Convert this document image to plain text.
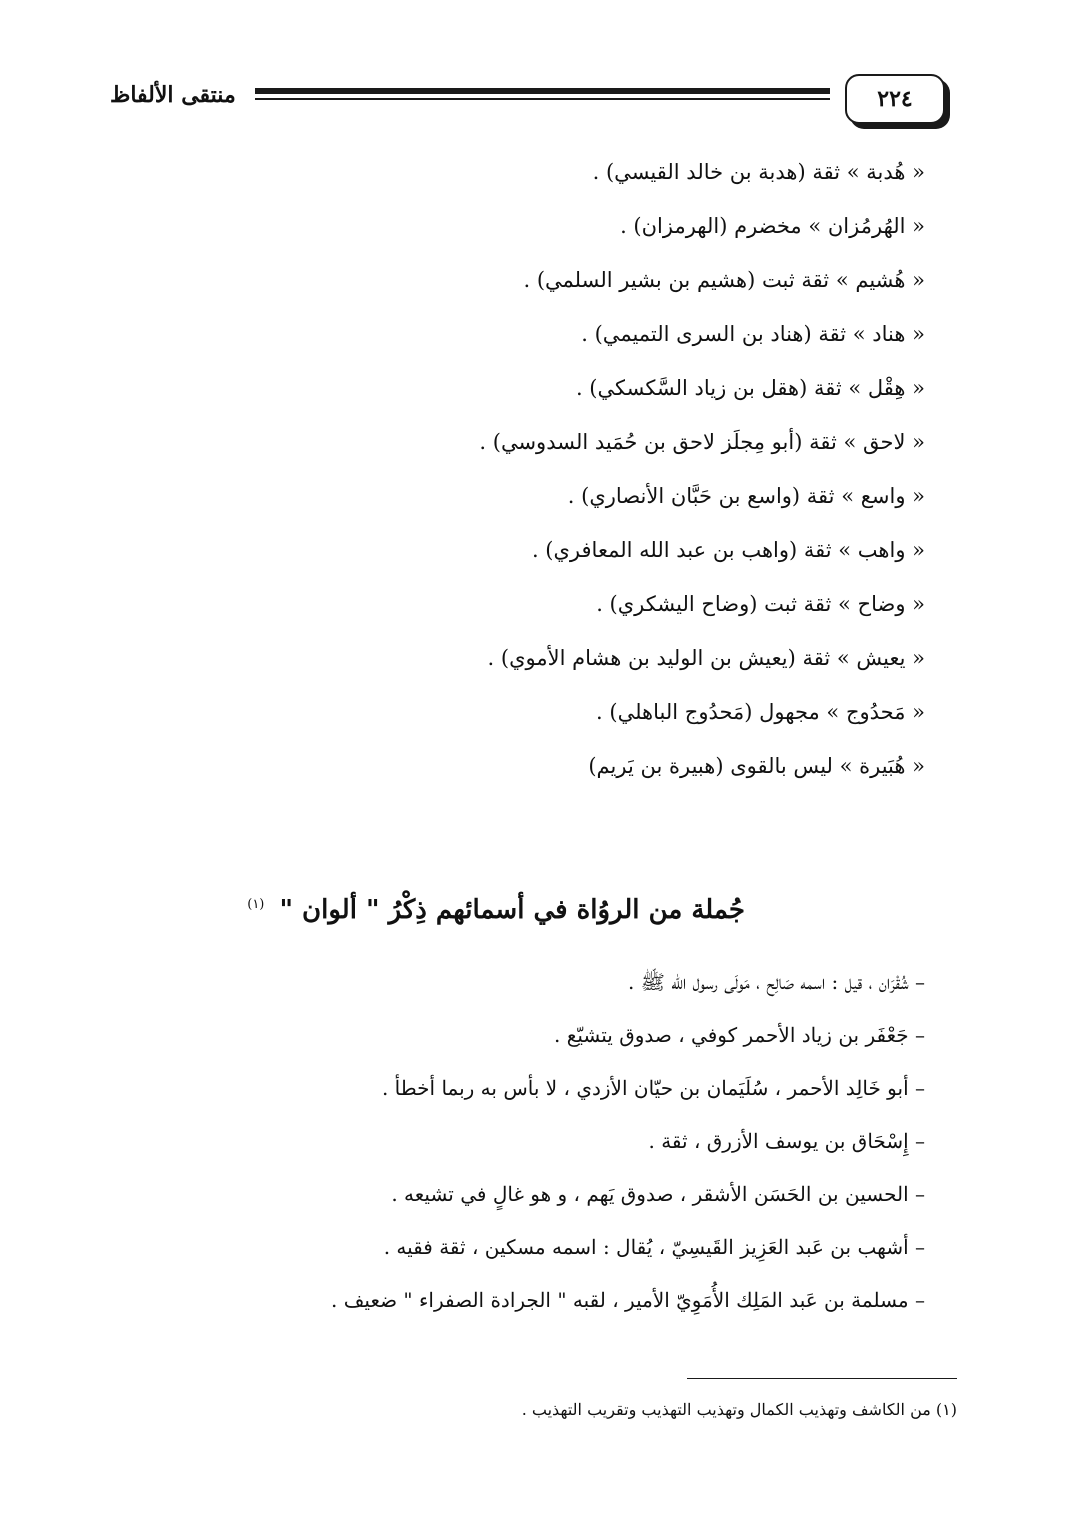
٢٢٤
منتقى الألفاظ
« هُدبة » ثقة (هدبة بن خالد القيسي) .
« الهُرمُزان » مخضرم (الهرمزان) .
« هُشيم » ثقة ثبت (هشيم بن بشير السلمي) .
« هناد » ثقة (هناد بن السرى التميمي) .
« هِقْل » ثقة (هقل بن زياد السَّكسكي) .
« لاحق » ثقة (أبو مِجلَز لاحق بن حُمَيد السدوسي) .
« واسع » ثقة (واسع بن حَبَّان الأنصاري) .
« واهب » ثقة (واهب بن عبد الله المعافري) .
« وضاح » ثقة ثبت (وضاح اليشكري) .
« يعيش » ثقة (يعيش بن الوليد بن هشام الأموي) .
« مَحدُوج » مجهول (مَحدُوج الباهلي) .
« هُبَيرة » ليس بالقوى (هبيرة بن يَريم)
جُملة من الروُاة في أسمائهم ذِكْرُ " ألوان " $^{(١)}$
– شُقْرَان ، قيل : اسمه صَالِح ، مَولَى رسول الله ﷺ .
– جَعْفَر بن زياد الأحمر كوفي ، صدوق يتشيّع .
– أبو خَالِد الأحمر ، سُلَيَمان بن حيّان الأزدي ، لا بأس به ربما أخطأ .
– إِسْحَاق بن يوسف الأزرق ، ثقة .
– الحسين بن الحَسَن الأشقر ، صدوق يَهم ، و هو غالٍ في تشيعه .
– أشهب بن عَبد العَزِيز القَيسِيّ ، يُقال : اسمه مسكين ، ثقة فقيه .
– مسلمة بن عَبد المَلِك الأُمَوِيّ الأمير ، لقبه " الجرادة الصفراء " ضعيف .
(١) من الكاشف وتهذيب الكمال وتهذيب التهذيب وتقريب التهذيب .
